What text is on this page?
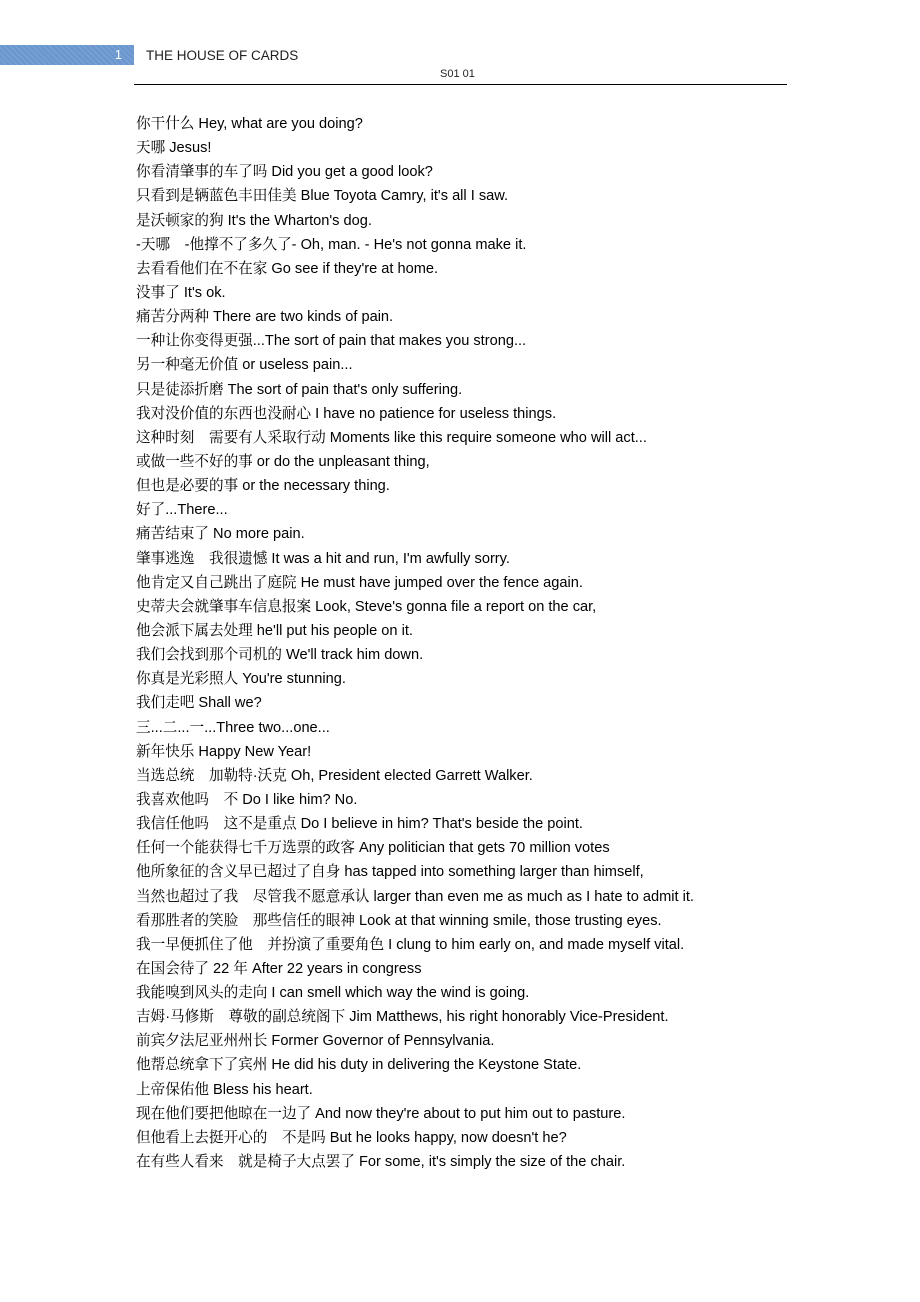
1 THE HOUSE OF CARDS
S01 01
你干什么 Hey, what are you doing?
天哪 Jesus!
你看清肇事的车了吗 Did you get a good look?
只看到是辆蓝色丰田佳美 Blue Toyota Camry, it's all I saw.
是沃顿家的狗 It's the Wharton's dog.
-天哪　-他撑不了多久了- Oh, man. - He's not gonna make it.
去看看他们在不在家 Go see if they're at home.
没事了 It's ok.
痛苦分两种 There are two kinds of pain.
一种让你变得更强...The sort of pain that makes you strong...
另一种毫无价值 or useless pain...
只是徒添折磨 The sort of pain that's only suffering.
我对没价值的东西也没耐心 I have no patience for useless things.
这种时刻　需要有人采取行动 Moments like this require someone who will act...
或做一些不好的事 or do the unpleasant thing,
但也是必要的事 or the necessary thing.
好了...There...
痛苦结束了 No more pain.
肇事逃逸　我很遗憾 It was a hit and run, I'm awfully sorry.
他肯定又自己跳出了庭院 He must have jumped over the fence again.
史蒂夫会就肇事车信息报案 Look, Steve's gonna file a report on the car,
他会派下属去处理 he'll put his people on it.
我们会找到那个司机的 We'll track him down.
你真是光彩照人 You're stunning.
我们走吧 Shall we?
三...二...一...Three two...one...
新年快乐 Happy New Year!
当选总统　加勒特·沃克 Oh, President elected Garrett Walker.
我喜欢他吗　不 Do I like him? No.
我信任他吗　这不是重点 Do I believe in him? That's beside the point.
任何一个能获得七千万选票的政客 Any politician that gets 70 million votes
他所象征的含义早已超过了自身 has tapped into something larger than himself,
当然也超过了我　尽管我不愿意承认 larger than even me as much as I hate to admit it.
看那胜者的笑脸　那些信任的眼神 Look at that winning smile, those trusting eyes.
我一早便抓住了他　并扮演了重要角色 I clung to him early on, and made myself vital.
在国会待了 22 年 After 22 years in congress
我能嗅到风头的走向 I can smell which way the wind is going.
吉姆·马修斯　尊敬的副总统阁下 Jim Matthews, his right honorably Vice-President.
前宾夕法尼亚州州长 Former Governor of Pennsylvania.
他帮总统拿下了宾州 He did his duty in delivering the Keystone State.
上帝保佑他 Bless his heart.
现在他们要把他晾在一边了 And now they're about to put him out to pasture.
但他看上去挺开心的　不是吗 But he looks happy, now doesn't he?
在有些人看来　就是椅子大点罢了 For some, it's simply the size of the chair.
